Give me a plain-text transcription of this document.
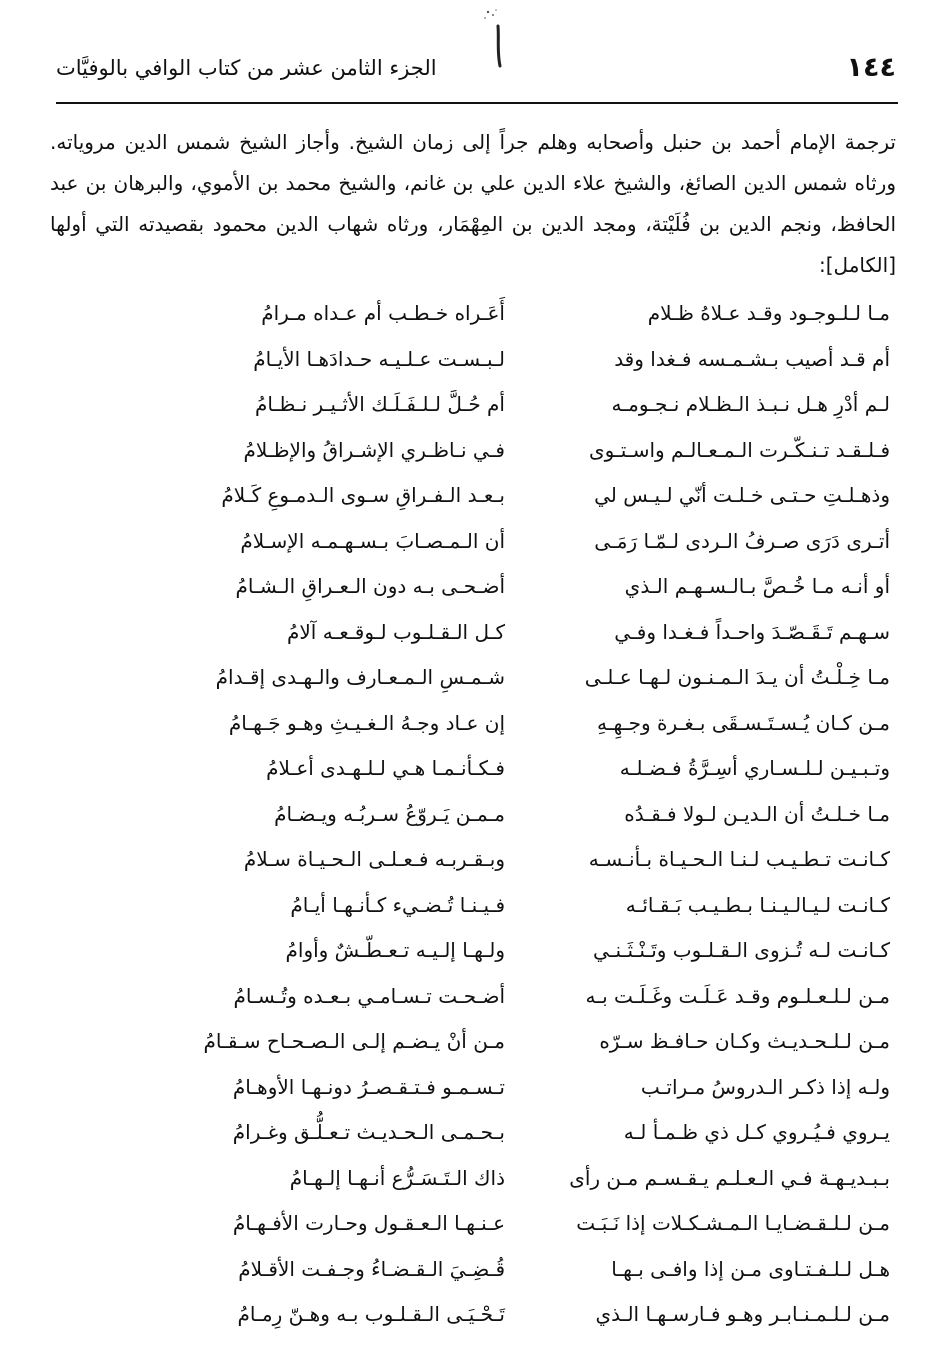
١٤٤
الجزء الثامن عشر من كتاب الوافي بالوفيَّات

ترجمة الإمام أحمد بن حنبل وأصحابه وهلم جراً إلى زمان الشيخ. وأجاز الشيخ شمس الدين مروياته. ورثاه شمس الدين الصائغ، والشيخ علاء الدين علي بن غانم، والشيخ محمد بن الأموي، والبرهان بن عبد الحافظ، ونجم الدين بن فُلَيْتة، ومجد الدين بن المِهْمَار، ورثاه شهاب الدين محمود بقصيدته التي أولها [الكامل]:

مـا لـلـوجـود وقـد عـلاهُ ظـلام
أَعَـراه خـطـب أم عـداه مـرامُ
أم قـد أصيب بـشـمـسه فـغدا وقد
لـبـسـت عـلـيـه حـدادَهـا الأيـامُ
لـم أدْرِ هـل نـبـذ الـظـلام نـجـومـه
أم حُـلَّ لـلـفَـلَـك الأثـيـر نـظـامُ
فـلـقـد تـنـكّـرت الـمـعـالـم واسـتـوى
فـي نـاظـري الإشـراقُ والإظـلامُ
وذهـلـتِ حـتـى خـلـت أنّي لـيـس لي
بـعـد الـفـراقِ سـوى الـدمـوعِ كَـلامُ
أتـرى دَرَى صـرفُ الـردى لـمّـا رَمَـى
أن الـمـصـابَ بـسـهـمـه الإسـلامُ
أو أنـه مـا خُـصَّ بـالـسـهـم الـذي
أضـحـى بـه دون الـعـراقِ الـشـامُ
سـهـم تَـقَـصّـدَ واحـداً فـغـدا وفـي
كـل الـقـلـوب لـوقـعـه آلامُ
مـا خِـلْـتُ أن يـدَ الـمـنـون لـهـا عـلـى
شـمـسِ الـمـعـارف والـهـدى إقـدامُ
مـن كـان يُـسـتَـسـقَى بـغـرة وجـهِـهِ
إن عـاد وجـهُ الـغـيـثِ وهـو جَـهـامُ
وتـبـيـن لـلـسـاري أسِـرَّةُ فـضـلـه
فـكـأنـمـا هـي لـلـهـدى أعـلامُ
مـا خـلـتُ أن الـديـن لـولا فـقـدُه
مـمـن يَـروّعُ سـربُـه ويـضـامُ
كـانـت تـطـيـب لـنـا الـحـيـاة بـأنـسـه
وبـقـربـه فـعـلـى الـحـيـاة سـلامُ
كـانـت لـيـالـيـنـا بـطـيـب بَـقـائـه
فـيـنـا تُـضـيء كـأنـهـا أيـامُ
كـانـت لـه تُـزوى الـقـلـوب وتَـنْـثَـنـي
ولـهـا إلـيـه تـعـطّـشٌ وأوامُ
مـن لـلـعـلـوم وقـد عَـلَـت وغَـلَـت بـه
أضـحـت تـسـامـي بـعـده وتُـسـامُ
مـن لـلـحـديـث وكـان حـافـظ سـرّه
مـن أنْ يـضـم إلـى الـصـحـاح سـقـامُ
ولـه إذا ذكـر الـدروسُ مـراتـب
تـسـمـو فـتـقـصـرُ دونـهـا الأوهـامُ
يـروي فـيُـروي كـل ذي ظـمـأ لـه
بـحـمـى الـحـديـث تـعـلُّـق وغـرامُ
بـبـديـهـة فـي الـعـلـم يـقـسـم مـن رأى
ذاك الـتَـسَـرُّع أنـهـا إلـهـامُ
مـن لـلـقـضـايـا الـمـشـكـلات إذا نَـبَـت
عـنـهـا الـعـقـول وحـارت الأفـهـامُ
هـل لـلـفـتـاوى مـن إذا وافـى بـهـا
قُـضِـيَ الـقـضـاءُ وجـفـت الأقـلامُ
مـن لـلـمـنـابـر وهـو فـارسـهـا الـذي
تَـحْـيَـى الـقـلـوب بـه وهـنّ رِمـامُ
